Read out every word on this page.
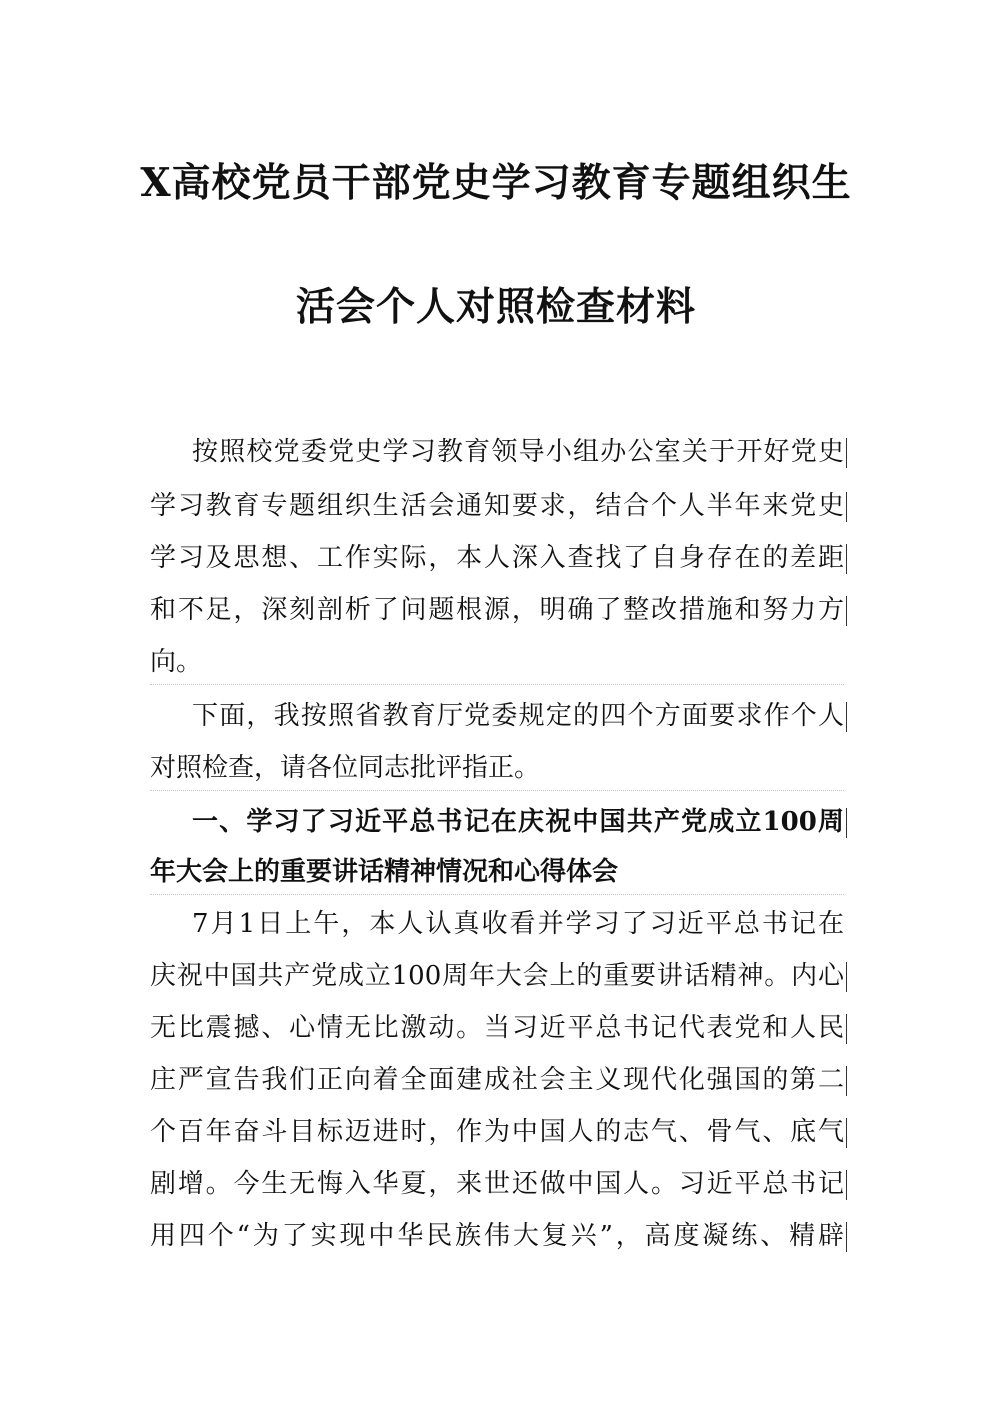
X高校党员干部党史学习教育专题组织生
活会个人对照检查材料
按照校党委党史学习教育领导小组办公室关于开好党史
学习教育专题组织生活会通知要求，结合个人半年来党史
学习及思想、工作实际，本人深入查找了自身存在的差距
和不足，深刻剖析了问题根源，明确了整改措施和努力方
向。
下面，我按照省教育厅党委规定的四个方面要求作个人
对照检查，请各位同志批评指正。
一、学习了习近平总书记在庆祝中国共产党成立100周
年大会上的重要讲话精神情况和心得体会
7月1日上午，本人认真收看并学习了习近平总书记在
庆祝中国共产党成立100周年大会上的重要讲话精神。内心
无比震撼、心情无比激动。当习近平总书记代表党和人民
庄严宣告我们正向着全面建成社会主义现代化强国的第二
个百年奋斗目标迈进时，作为中国人的志气、骨气、底气
剧增。今生无悔入华夏，来世还做中国人。习近平总书记
用四个“为了实现中华民族伟大复兴”，高度凝练、精辟
